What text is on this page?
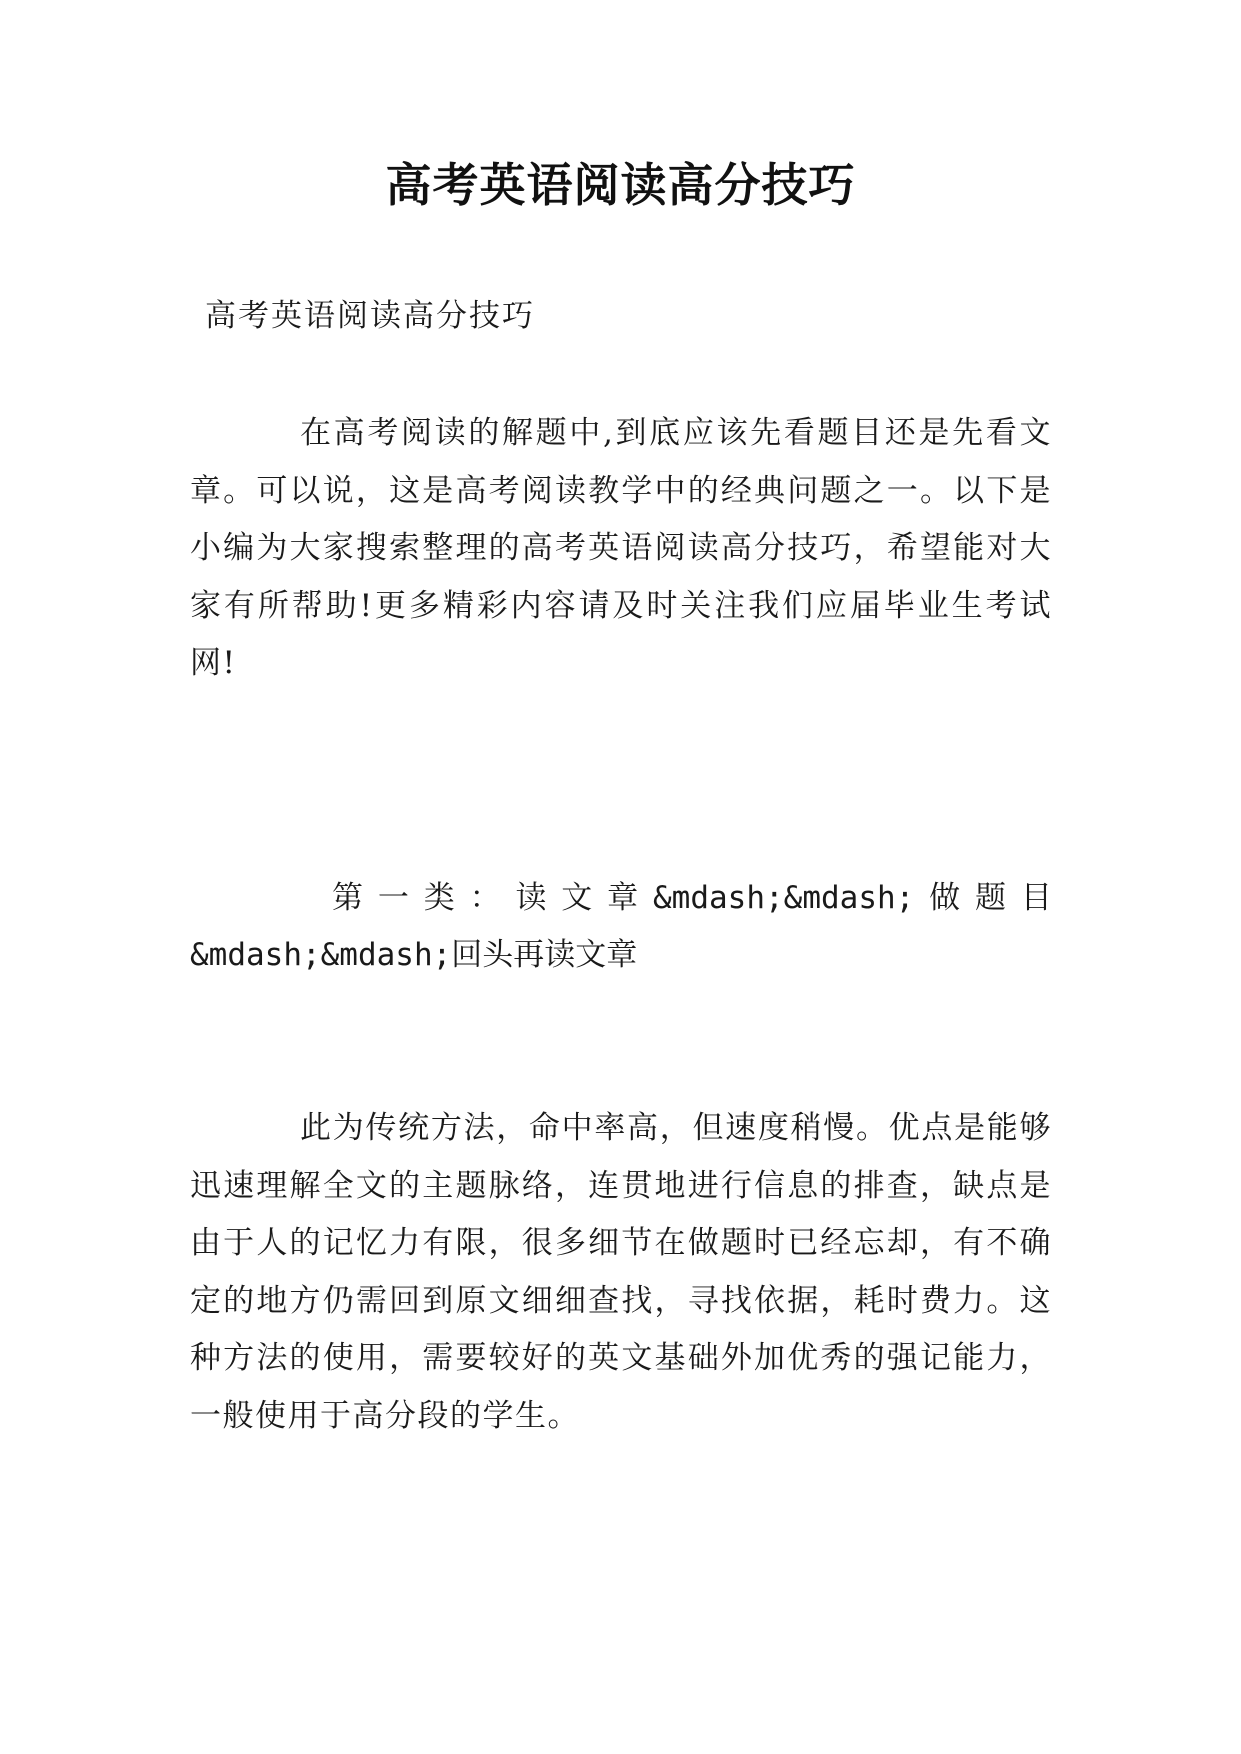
高考英语阅读高分技巧
高考英语阅读高分技巧
在高考阅读的解题中,到底应该先看题目还是先看文章。可以说，这是高考阅读教学中的经典问题之一。以下是小编为大家搜索整理的高考英语阅读高分技巧，希望能对大家有所帮助!更多精彩内容请及时关注我们应届毕业生考试网!
第 一 类 ： 读 文 章 &mdash;&mdash; 做 题 目
&mdash;&mdash;回头再读文章
此为传统方法，命中率高，但速度稍慢。优点是能够迅速理解全文的主题脉络，连贯地进行信息的排查，缺点是由于人的记忆力有限，很多细节在做题时已经忘却，有不确定的地方仍需回到原文细细查找，寻找依据，耗时费力。这种方法的使用，需要较好的英文基础外加优秀的强记能力，一般使用于高分段的学生。
